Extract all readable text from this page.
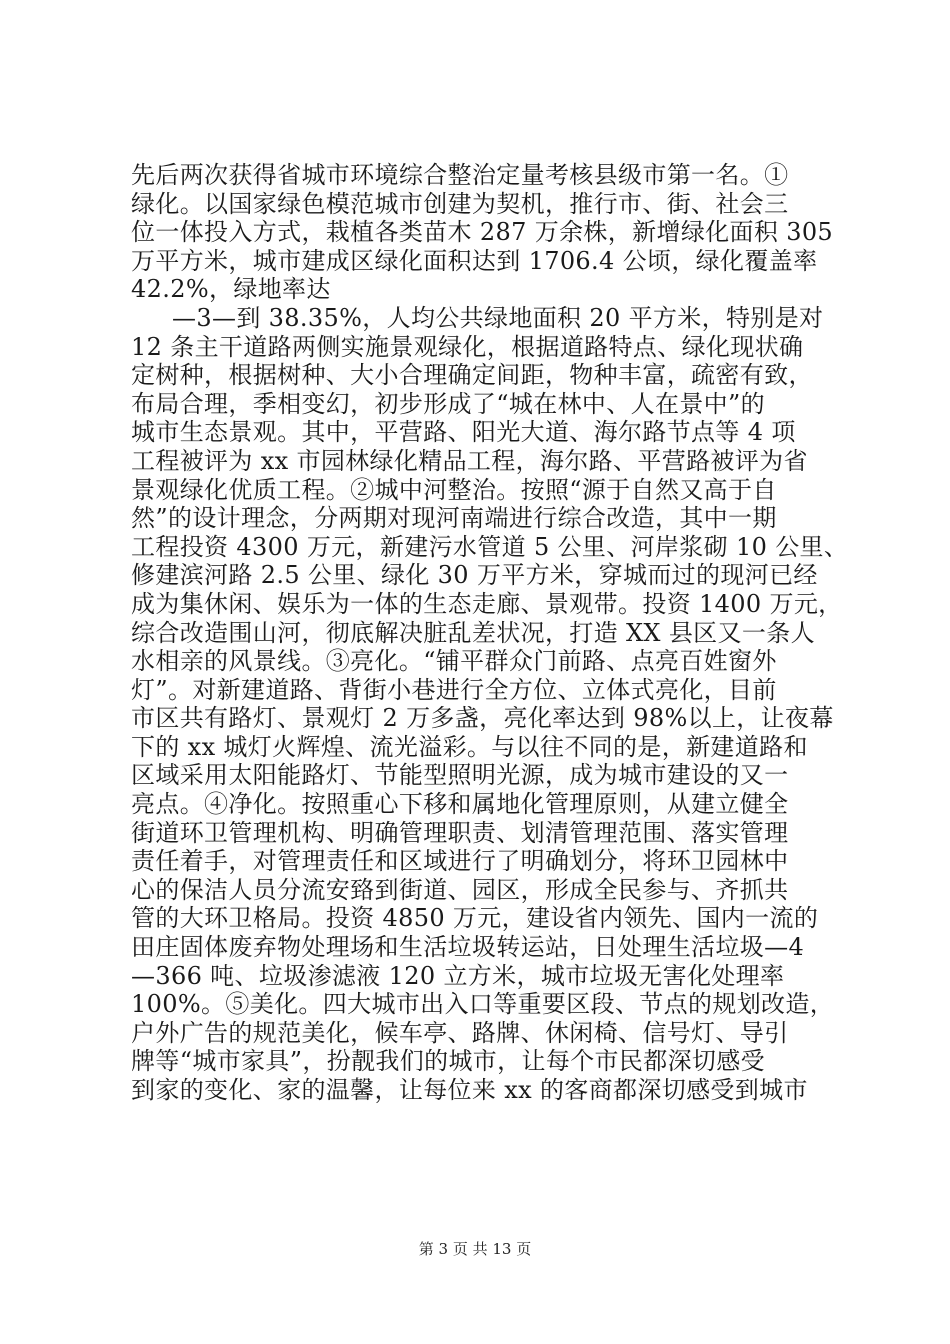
先后两次获得省城市环境综合整治定量考核县级市第一名。①
绿化。以国家绿色模范城市创建为契机，推行市、街、社会三
位一体投入方式，栽植各类苗木 287 万余株，新增绿化面积 305
万平方米，城市建成区绿化面积达到 1706.4 公顷，绿化覆盖率
42.2%，绿地率达
—3—到 38.35%，人均公共绿地面积 20 平方米，特别是对
12 条主干道路两侧实施景观绿化，根据道路特点、绿化现状确
定树种，根据树种、大小合理确定间距，物种丰富，疏密有致，
布局合理，季相变幻，初步形成了“城在林中、人在景中”的
城市生态景观。其中，平营路、阳光大道、海尔路节点等 4 项
工程被评为 xx 市园林绿化精品工程，海尔路、平营路被评为省
景观绿化优质工程。②城中河整治。按照“源于自然又高于自
然”的设计理念，分两期对现河南端进行综合改造，其中一期
工程投资 4300 万元，新建污水管道 5 公里、河岸浆砌 10 公里、
修建滨河路 2.5 公里、绿化 30 万平方米，穿城而过的现河已经
成为集休闲、娱乐为一体的生态走廊、景观带。投资 1400 万元，
综合改造围山河，彻底解决脏乱差状况，打造 XX 县区又一条人
水相亲的风景线。③亮化。“铺平群众门前路、点亮百姓窗外
灯”。对新建道路、背街小巷进行全方位、立体式亮化，目前
市区共有路灯、景观灯 2 万多盏，亮化率达到 98%以上，让夜幕
下的 xx 城灯火辉煌、流光溢彩。与以往不同的是，新建道路和
区域采用太阳能路灯、节能型照明光源，成为城市建设的又一
亮点。④净化。按照重心下移和属地化管理原则，从建立健全
街道环卫管理机构、明确管理职责、划清管理范围、落实管理
责任着手，对管理责任和区域进行了明确划分，将环卫园林中
心的保洁人员分流安臵到街道、园区，形成全民参与、齐抓共
管的大环卫格局。投资 4850 万元，建设省内领先、国内一流的
田庄固体废弃物处理场和生活垃圾转运站，日处理生活垃圾—4
—366 吨、垃圾渗滤液 120 立方米，城市垃圾无害化处理率
100%。⑤美化。四大城市出入口等重要区段、节点的规划改造，
户外广告的规范美化，候车亭、路牌、休闲椅、信号灯、导引
牌等“城市家具”，扮靓我们的城市，让每个市民都深切感受
到家的变化、家的温馨，让每位来 xx 的客商都深切感受到城市
第 3 页 共 13 页
